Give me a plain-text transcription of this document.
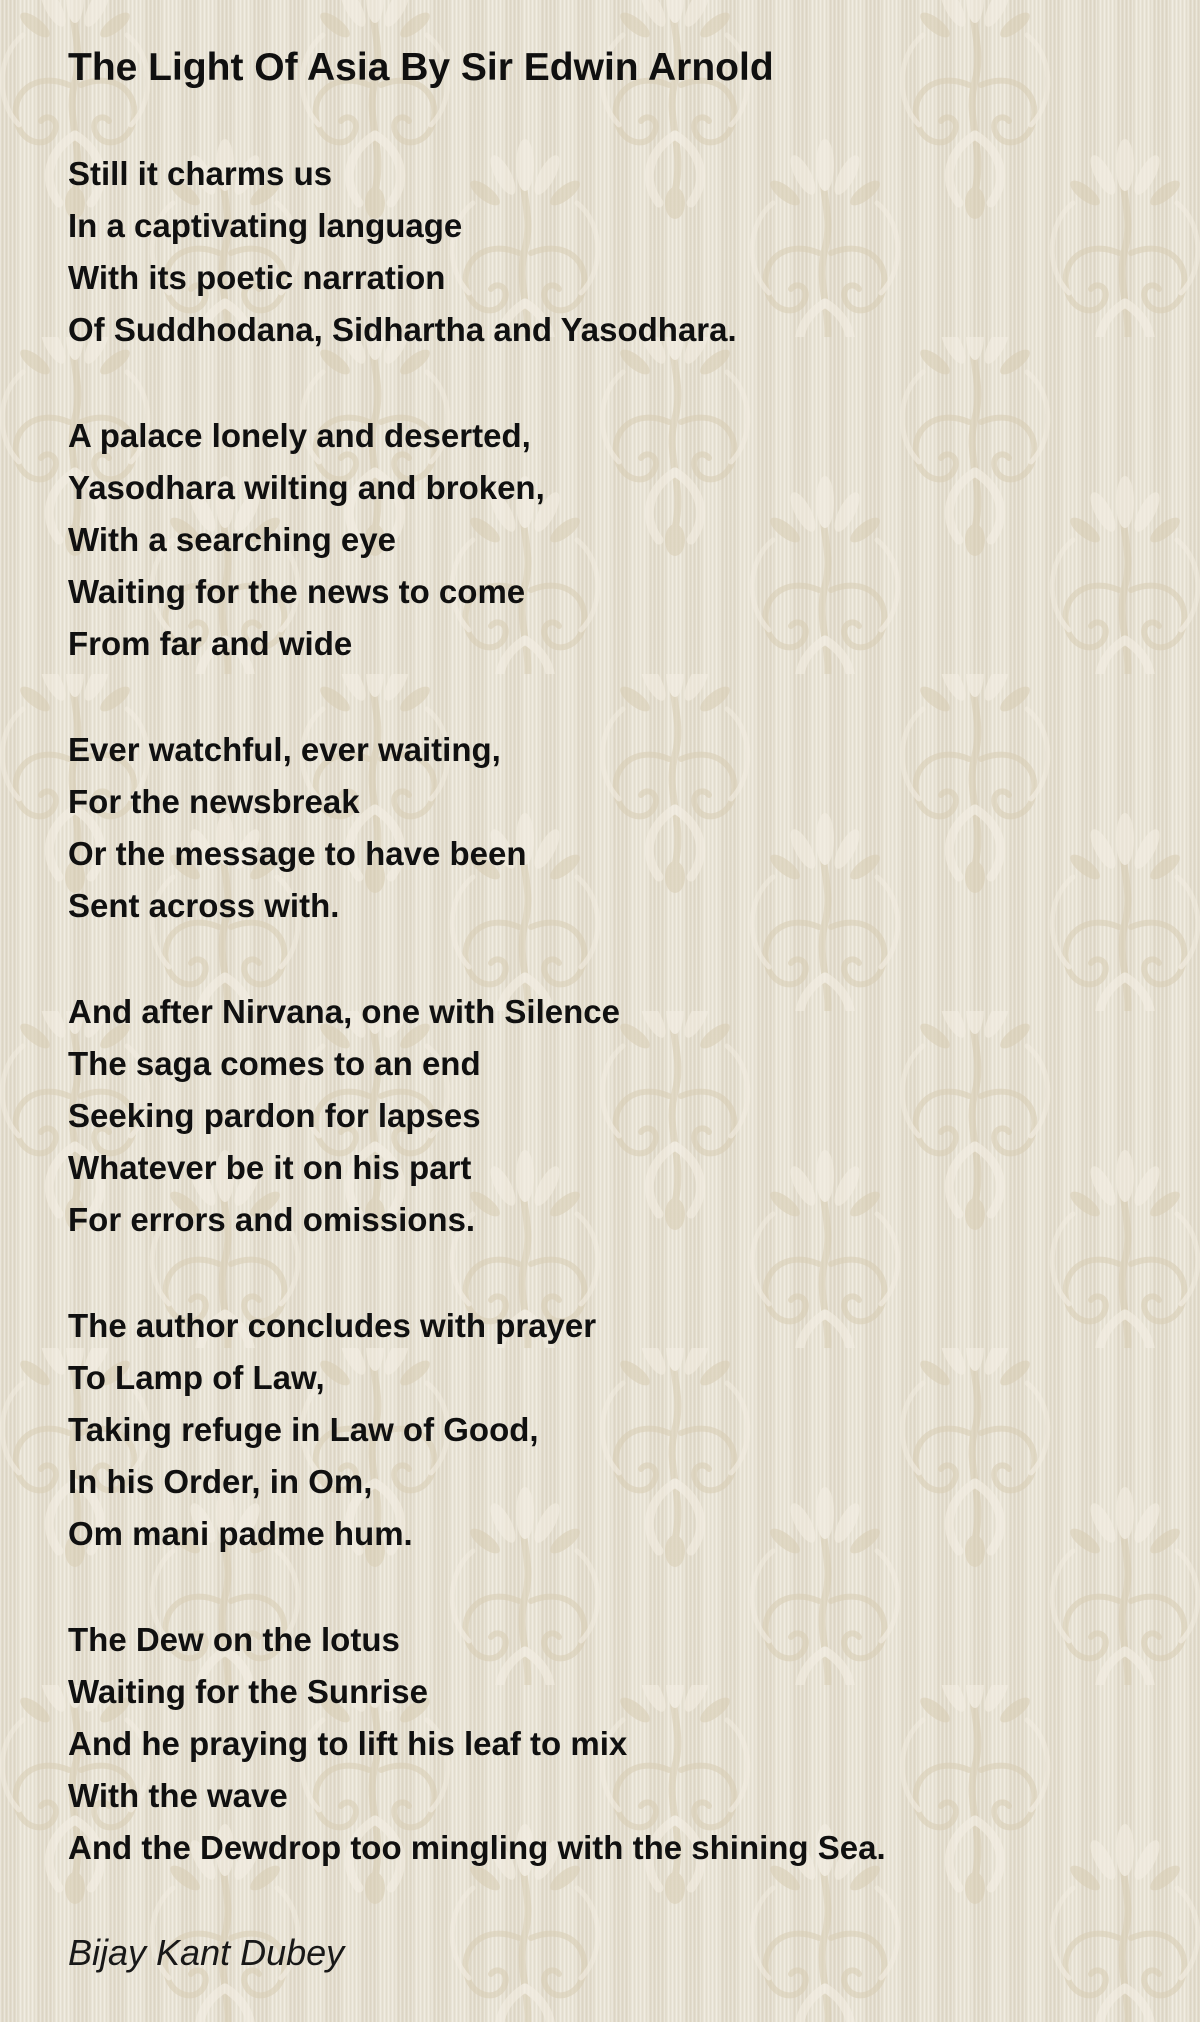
The Light Of Asia By Sir Edwin Arnold

Still it charms us

In a captivating language

With its poetic narration

Of Suddhodana, Sidhartha and Yasodhara.

A palace lonely and deserted,

Yasodhara wilting and broken,

With a searching eye

Waiting for the news to come

From far and wide

Ever watchful, ever waiting,

For the newsbreak

Or the message to have been

Sent across with.

And after Nirvana, one with Silence

The saga comes to an end

Seeking pardon for lapses

Whatever be it on his part

For errors and omissions.

The author concludes with prayer

To Lamp of Law,

Taking refuge in Law of Good,

In his Order, in Om,

Om mani padme hum.

The Dew on the lotus

Waiting for the Sunrise

And he praying to lift his leaf to mix

With the wave

And the Dewdrop too mingling with the shining Sea.

Bijay Kant Dubey
